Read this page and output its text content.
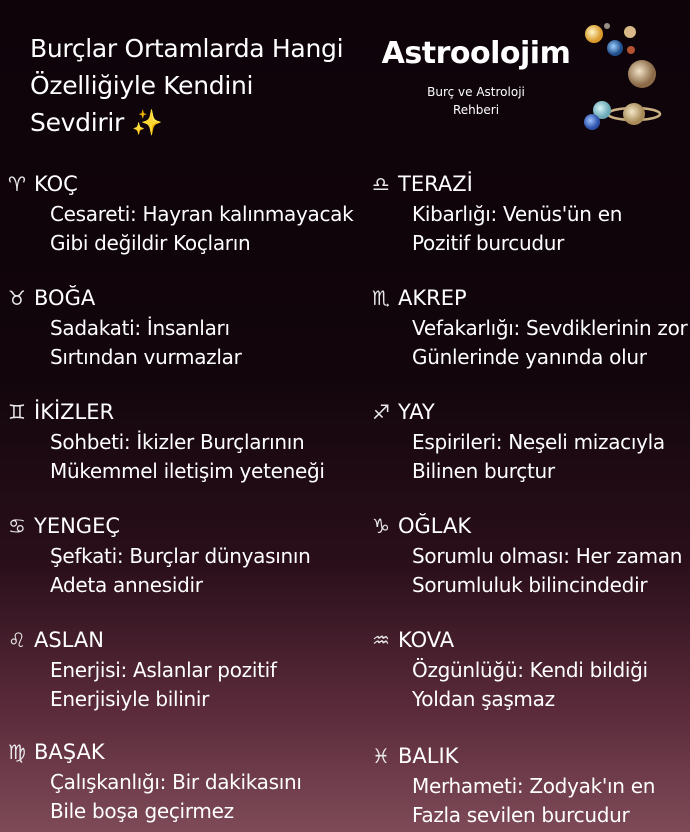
Burçlar Ortamlarda Hangi
Özelliğiyle Kendini
Sevdirir ✨
Astroolojim
Burç ve Astroloji
Rehberi
♈ KOÇ
Cesareti: Hayran kalınmayacak
Gibi değildir Koçların
♉ BOĞA
Sadakati: İnsanları
Sırtından vurmazlar
♊ İKİZLER
Sohbeti: İkizler Burçlarının
Mükemmel iletişim yeteneği
♋ YENGEÇ
Şefkati: Burçlar dünyasının
Adeta annesidir
♌ ASLAN
Enerjisi: Aslanlar pozitif
Enerjisiyle bilinir
♍ BAŞAK
Çalışkanlığı: Bir dakikasını
Bile boşa geçirmez
♎ TERAZİ
Kibarlığı: Venüs'ün en
Pozitif burcudur
♏ AKREP
Vefakarlığı: Sevdiklerinin zor
Günlerinde yanında olur
♐ YAY
Espirileri: Neşeli mizacıyla
Bilinen burçtur
♑ OĞLAK
Sorumlu olması: Her zaman
Sorumluluk bilincindedir
♒ KOVA
Özgünlüğü: Kendi bildiği
Yoldan şaşmaz
♓ BALIK
Merhameti: Zodyak'ın en
Fazla sevilen burcudur
